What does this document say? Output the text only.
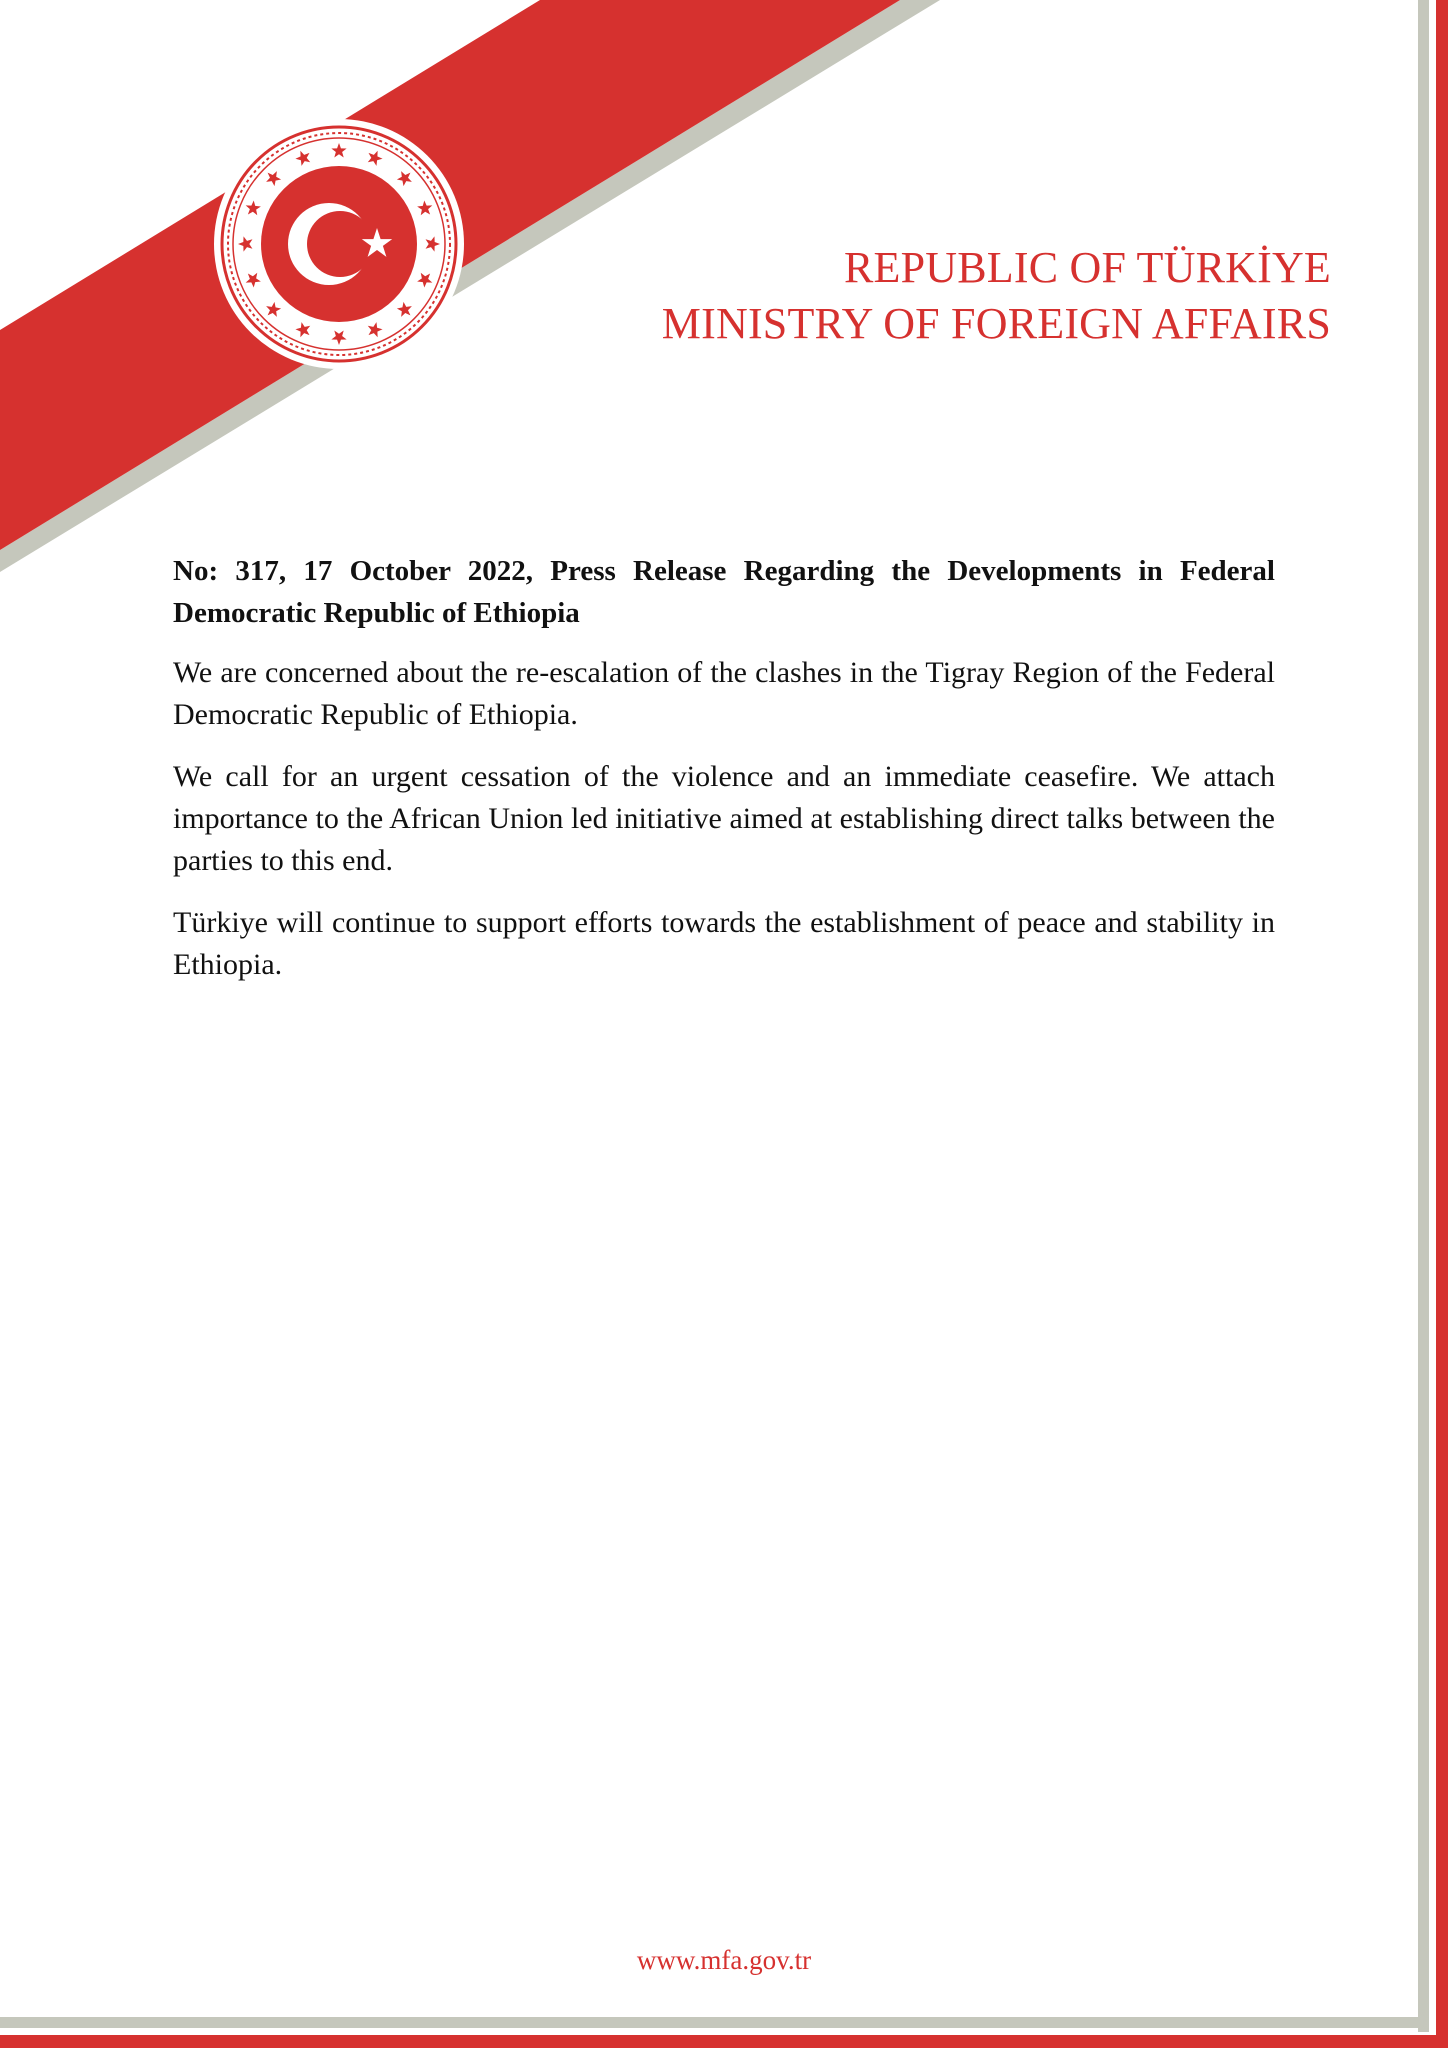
REPUBLIC OF TÜRKİYE
MINISTRY OF FOREIGN AFFAIRS

No: 317, 17 October 2022, Press Release Regarding the Developments in Federal Democratic Republic of Ethiopia

We are concerned about the re-escalation of the clashes in the Tigray Region of the Federal Democratic Republic of Ethiopia.

We call for an urgent cessation of the violence and an immediate ceasefire. We attach importance to the African Union led initiative aimed at establishing direct talks between the parties to this end.

Türkiye will continue to support efforts towards the establishment of peace and stability in Ethiopia.

www.mfa.gov.tr
